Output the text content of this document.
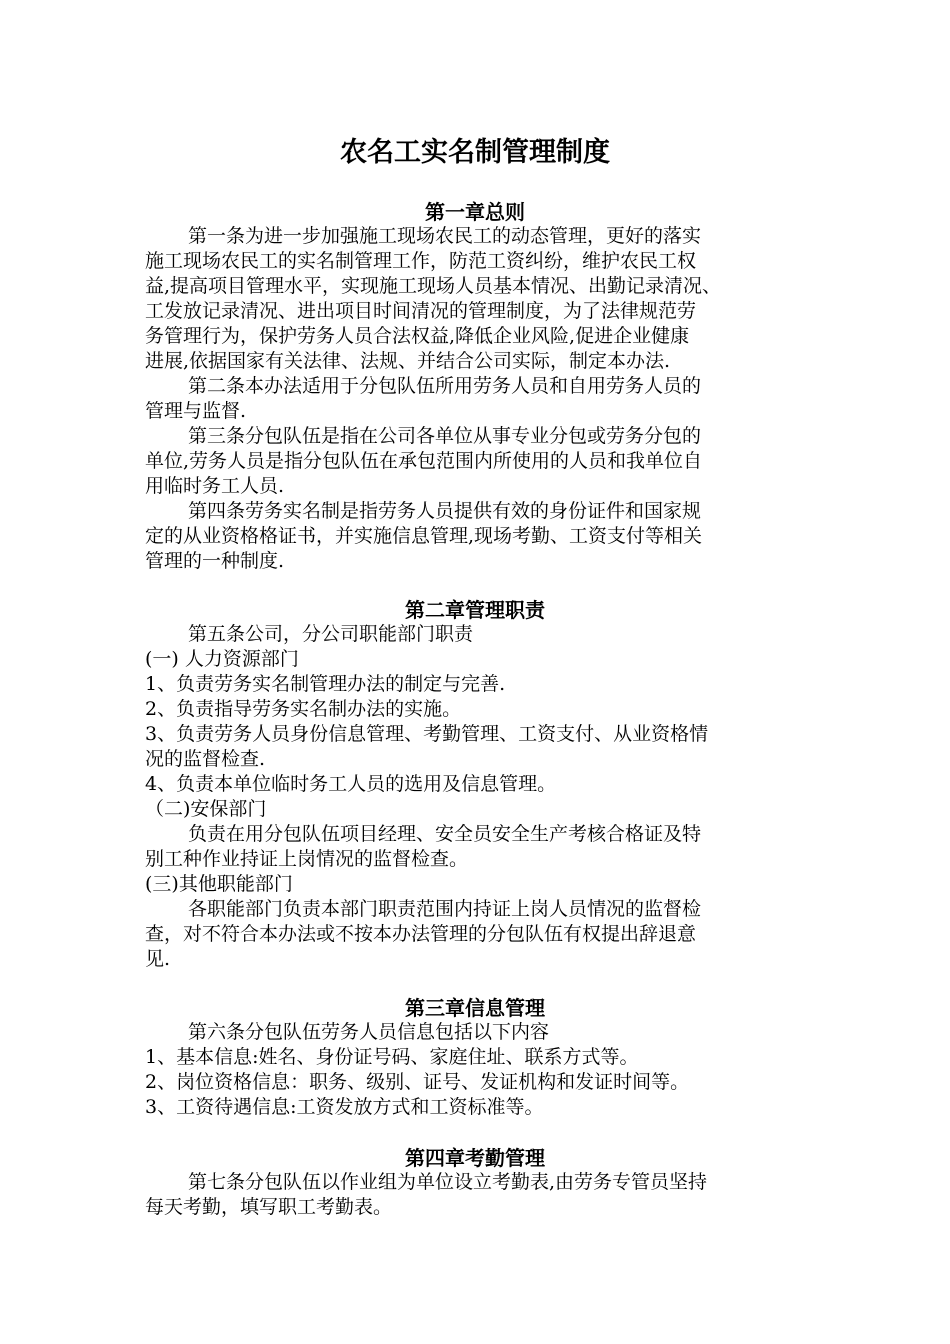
农名工实名制管理制度
第一章总则
第一条为进一步加强施工现场农民工的动态管理，更好的落实
施工现场农民工的实名制管理工作，防范工资纠纷，维护农民工权
益,提高项目管理水平，实现施工现场人员基本情况、出勤记录清况、
工发放记录清况、进出项目时间清况的管理制度，为了法律规范劳
务管理行为，保护劳务人员合法权益,降低企业风险,促进企业健康
进展,依据国家有关法律、法规、并结合公司实际，制定本办法.
第二条本办法适用于分包队伍所用劳务人员和自用劳务人员的
管理与监督.
第三条分包队伍是指在公司各单位从事专业分包或劳务分包的
单位,劳务人员是指分包队伍在承包范围内所使用的人员和我单位自
用临时务工人员.
第四条劳务实名制是指劳务人员提供有效的身份证件和国家规
定的从业资格格证书，并实施信息管理,现场考勤、工资支付等相关
管理的一种制度.
第二章管理职责
第五条公司，分公司职能部门职责
(一) 人力资源部门
1、负责劳务实名制管理办法的制定与完善.
2、负责指导劳务实名制办法的实施。
3、负责劳务人员身份信息管理、考勤管理、工资支付、从业资格情
况的监督检查.
4、负责本单位临时务工人员的选用及信息管理。
（二)安保部门
负责在用分包队伍项目经理、安全员安全生产考核合格证及特
别工种作业持证上岗情况的监督检查。
(三)其他职能部门
各职能部门负责本部门职责范围内持证上岗人员情况的监督检
查，对不符合本办法或不按本办法管理的分包队伍有权提出辞退意
见.
第三章信息管理
第六条分包队伍劳务人员信息包括以下内容
1、基本信息:姓名、身份证号码、家庭住址、联系方式等。
2、岗位资格信息：职务、级别、证号、发证机构和发证时间等。
3、工资待遇信息:工资发放方式和工资标准等。
第四章考勤管理
第七条分包队伍以作业组为单位设立考勤表,由劳务专管员坚持
每天考勤，填写职工考勤表。
